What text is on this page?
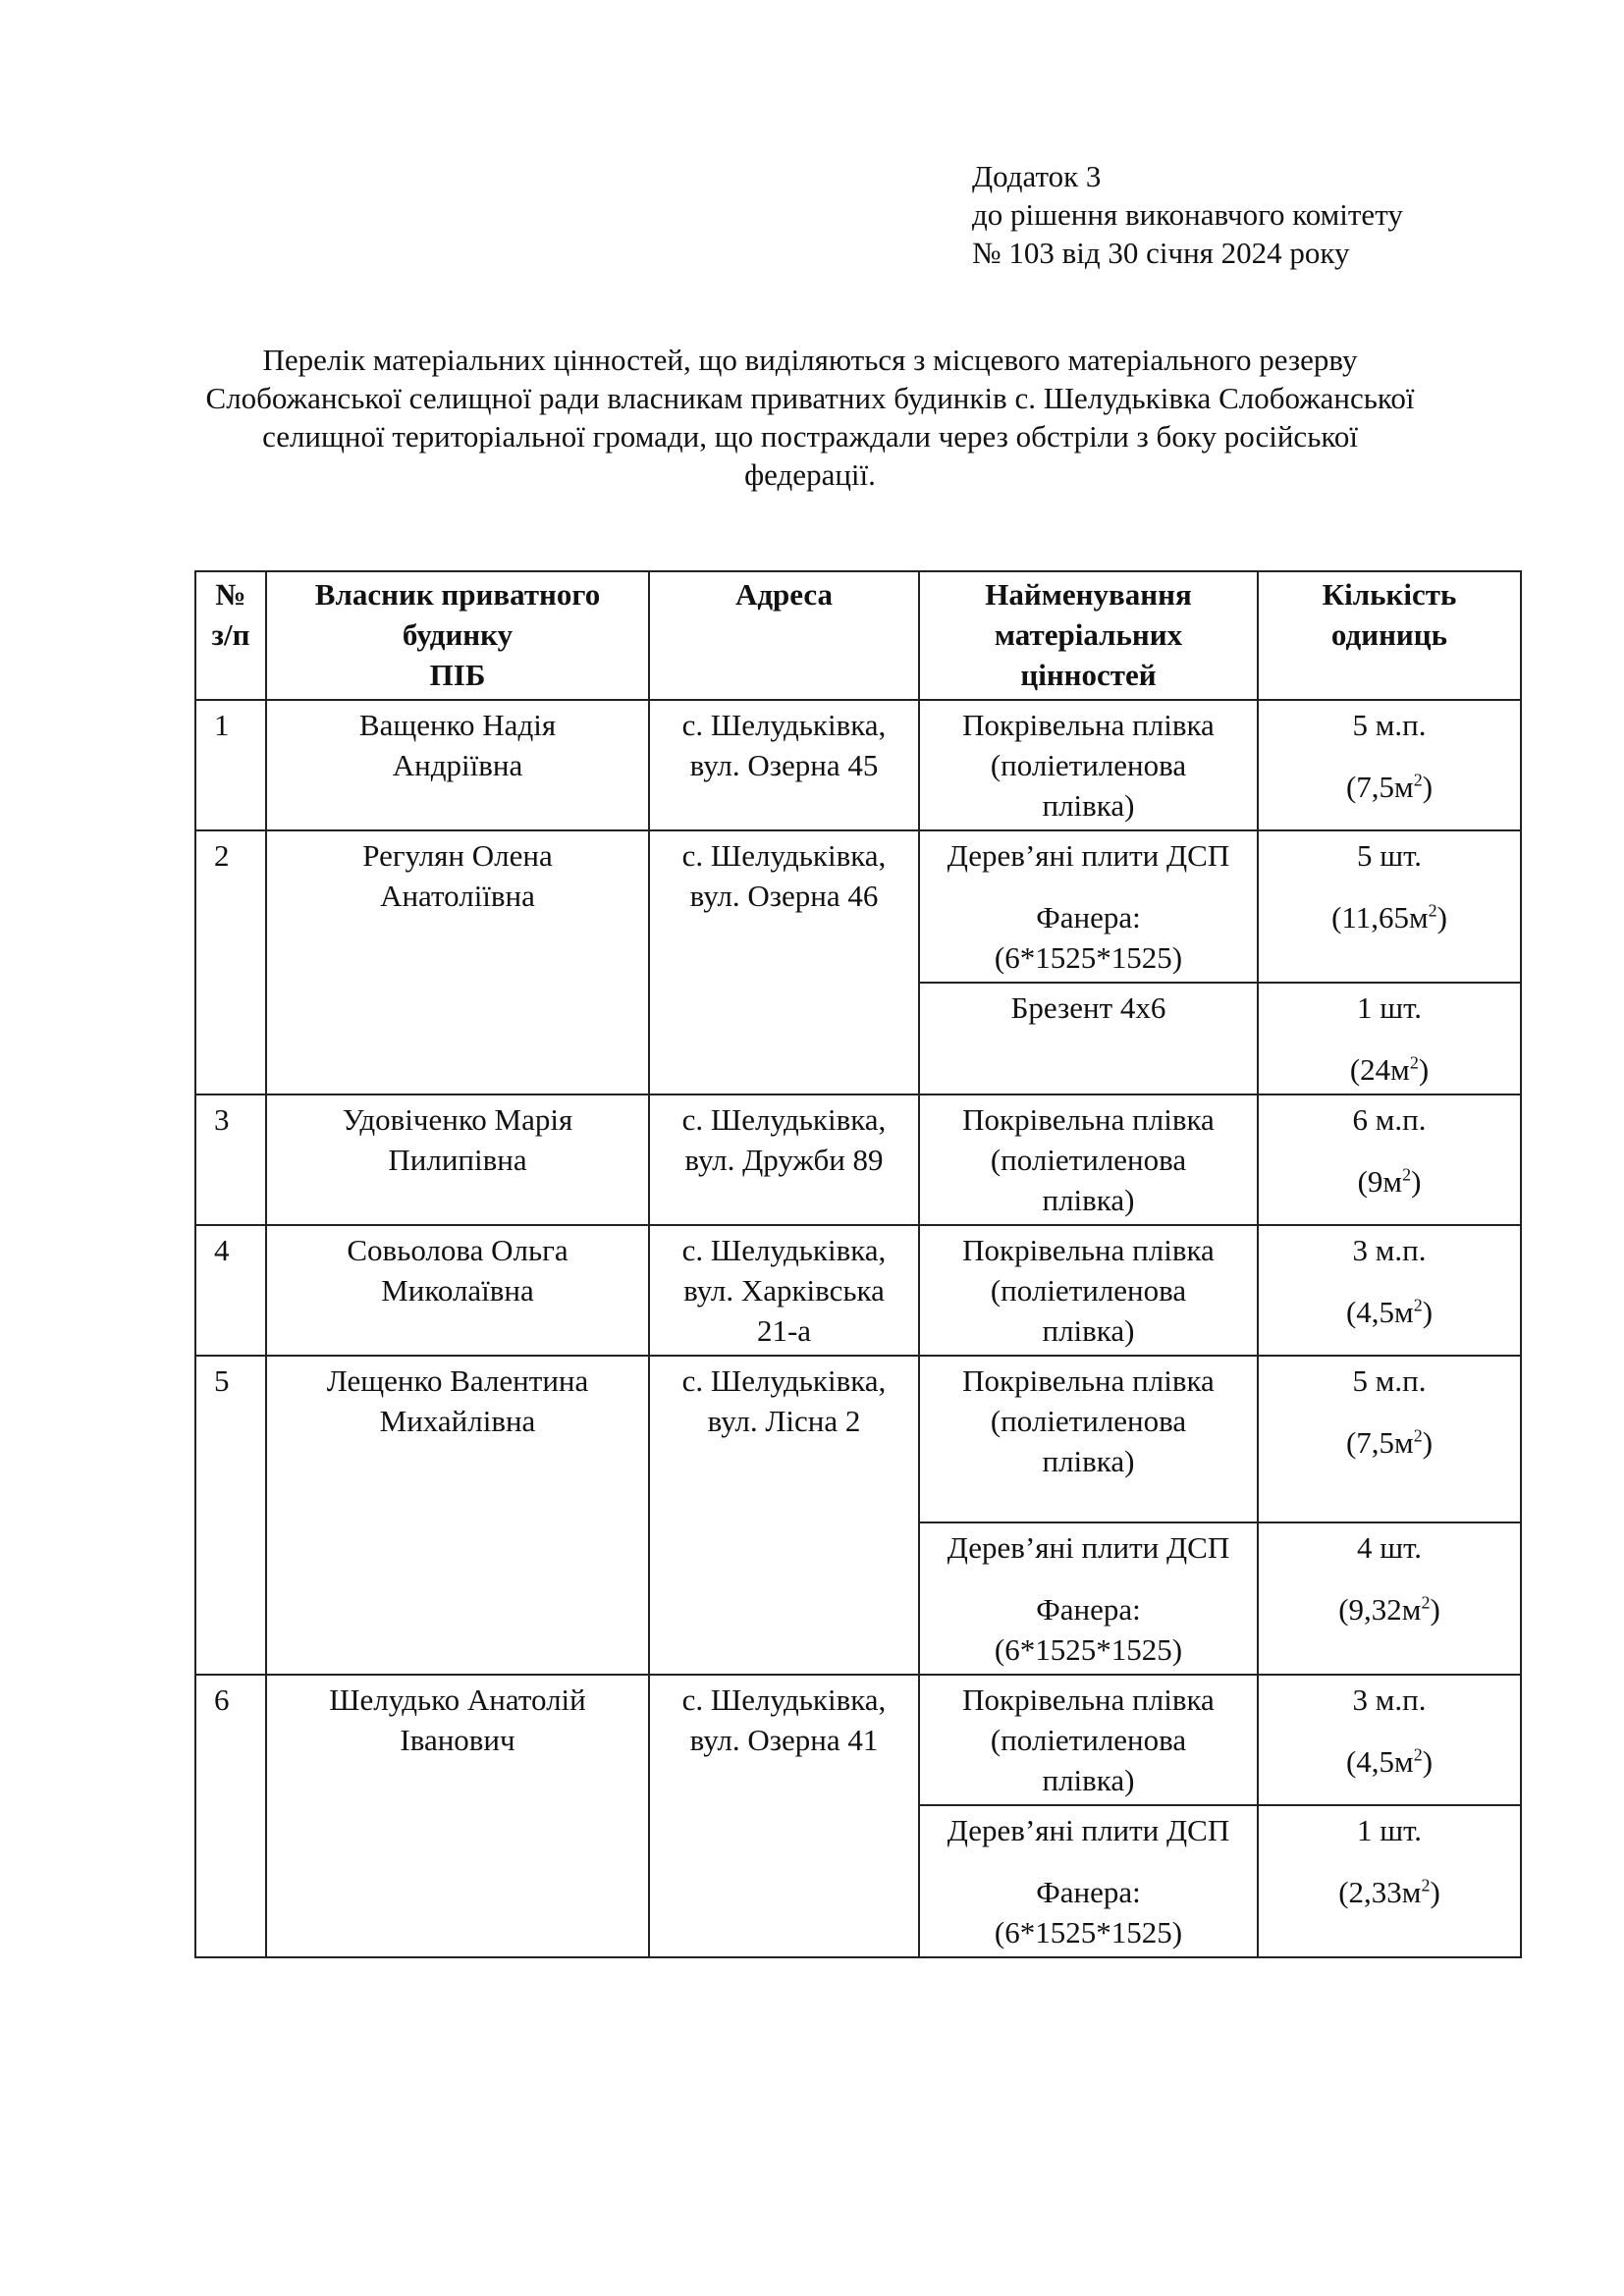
Додаток 3
до рішення виконавчого комітету
№ 103 від 30 січня 2024 року
Перелік матеріальних цінностей, що виділяються з місцевого матеріального резерву
Слобожанської селищної ради власникам приватних будинків с. Шелудьківка Слобожанської
селищної територіальної громади, що постраждали через обстріли з боку російської
федерації.
№
з/п	Власник приватного
будинку
ПІБ	Адреса	Найменування
матеріальних
цінностей	Кількість
одиниць
1	Ващенко Надія
Андріївна	с. Шелудьківка,
вул. Озерна 45	Покрівельна плівка
(поліетиленова
плівка)	5 м.п.
$(7,5м^2)$

2	Регулян Олена
Анатоліївна	с. Шелудьківка,
вул. Озерна 46	Дерев’яні плити ДСП
Фанера:
(6*1525*1525)	5 шт.
$(11,65м^2)$

			Брезент 4х6	1 шт.
$(24м^2)$

3	Удовіченко Марія
Пилипівна	с. Шелудьківка,
вул. Дружби 89	Покрівельна плівка
(поліетиленова
плівка)	6 м.п.
$(9м^2)$

4	Совьолова Ольга
Миколаївна	с. Шелудьківка,
вул. Харківська
21-а	Покрівельна плівка
(поліетиленова
плівка)	3 м.п.
$(4,5м^2)$

5	Лещенко Валентина
Михайлівна	с. Шелудьківка,
вул. Лісна 2	Покрівельна плівка
(поліетиленова
плівка)	5 м.п.
$(7,5м^2)$

			Дерев’яні плити ДСП
Фанера:
(6*1525*1525)	4 шт.
$(9,32м^2)$

6	Шелудько Анатолій
Іванович	с. Шелудьківка,
вул. Озерна 41	Покрівельна плівка
(поліетиленова
плівка)	3 м.п.
$(4,5м^2)$

			Дерев’яні плити ДСП
Фанера:
(6*1525*1525)	1 шт.
$(2,33м^2)$
